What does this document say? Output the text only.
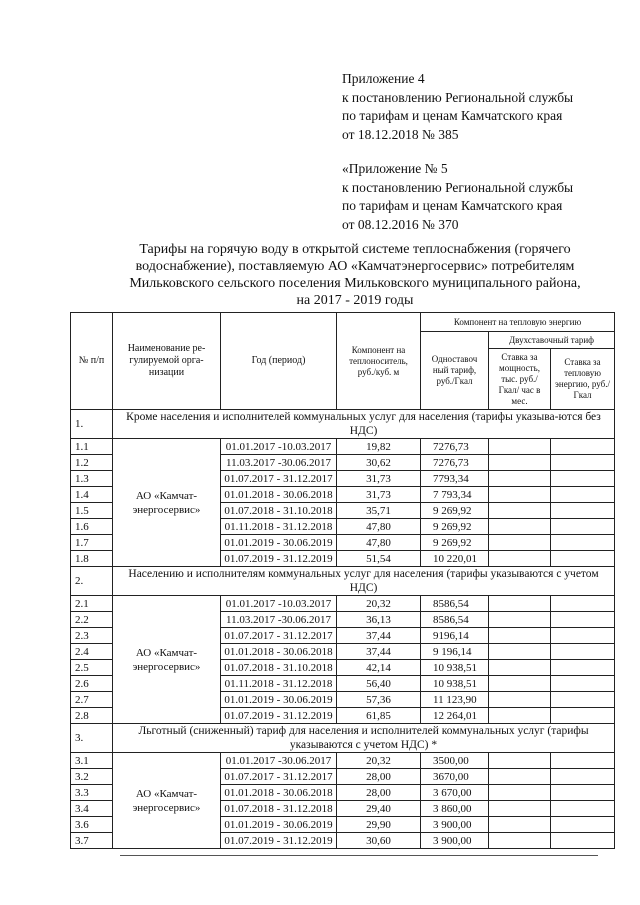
Приложение 4
к постановлению Региональной службы
по тарифам и ценам Камчатского края
от 18.12.2018 № 385
«Приложение № 5
к постановлению Региональной службы
по тарифам и ценам Камчатского края
от 08.12.2016 № 370
Тарифы на горячую воду в открытой системе теплоснабжения (горячего
водоснабжение), поставляемую АО «Камчатэнергосервис» потребителям
Мильковского сельского поселения Мильковского муниципального района,
на 2017 - 2019 годы
№ п/п	Наименование ре-гулируемой орга-низации	Год (период)	Компонент на теплоноситель, руб./куб. м	Компонент на тепловую энергию		
				Одноставоч ный тариф, руб./Гкал	Двухставочный тариф	
					Ставка за мощность, тыс. руб./Гкал/ час в мес.	Ставка за тепловую энергию, руб./Гкал
1.	Кроме населения и исполнителей коммунальных услуг для населения (тарифы указыва-ются без НДС)					
1.1	АО «Камчат-энергосервис»	01.01.2017 -10.03.2017	19,82	7276,73		
1.2		11.03.2017 -30.06.2017	30,62	7276,73		
1.3		01.07.2017 - 31.12.2017	31,73	7793,34		
1.4		01.01.2018 - 30.06.2018	31,73	7 793,34		
1.5		01.07.2018 - 31.10.2018	35,71	9 269,92		
1.6		01.11.2018 - 31.12.2018	47,80	9 269,92		
1.7		01.01.2019 - 30.06.2019	47,80	9 269,92		
1.8		01.07.2019 - 31.12.2019	51,54	10 220,01		
2.	Населению и исполнителям коммунальных услуг для населения (тарифы указываются с учетом НДС)					
2.1	АО «Камчат-энергосервис»	01.01.2017 -10.03.2017	20,32	8586,54		
2.2		11.03.2017 -30.06.2017	36,13	8586,54		
2.3		01.07.2017 - 31.12.2017	37,44	9196,14		
2.4		01.01.2018 - 30.06.2018	37,44	9 196,14		
2.5		01.07.2018 - 31.10.2018	42,14	10 938,51		
2.6		01.11.2018 - 31.12.2018	56,40	10 938,51		
2.7		01.01.2019 - 30.06.2019	57,36	11 123,90		
2.8		01.07.2019 - 31.12.2019	61,85	12 264,01		
3.	Льготный (сниженный) тариф для населения и исполнителей коммунальных услуг (тарифы указываются с учетом НДС) *					
3.1	АО «Камчат-энергосервис»	01.01.2017 -30.06.2017	20,32	3500,00		
3.2		01.07.2017 - 31.12.2017	28,00	3670,00		
3.3		01.01.2018 - 30.06.2018	28,00	3 670,00		
3.4		01.07.2018 - 31.12.2018	29,40	3 860,00		
3.6		01.01.2019 - 30.06.2019	29,90	3 900,00		
3.7		01.07.2019 - 31.12.2019	30,60	3 900,00		
